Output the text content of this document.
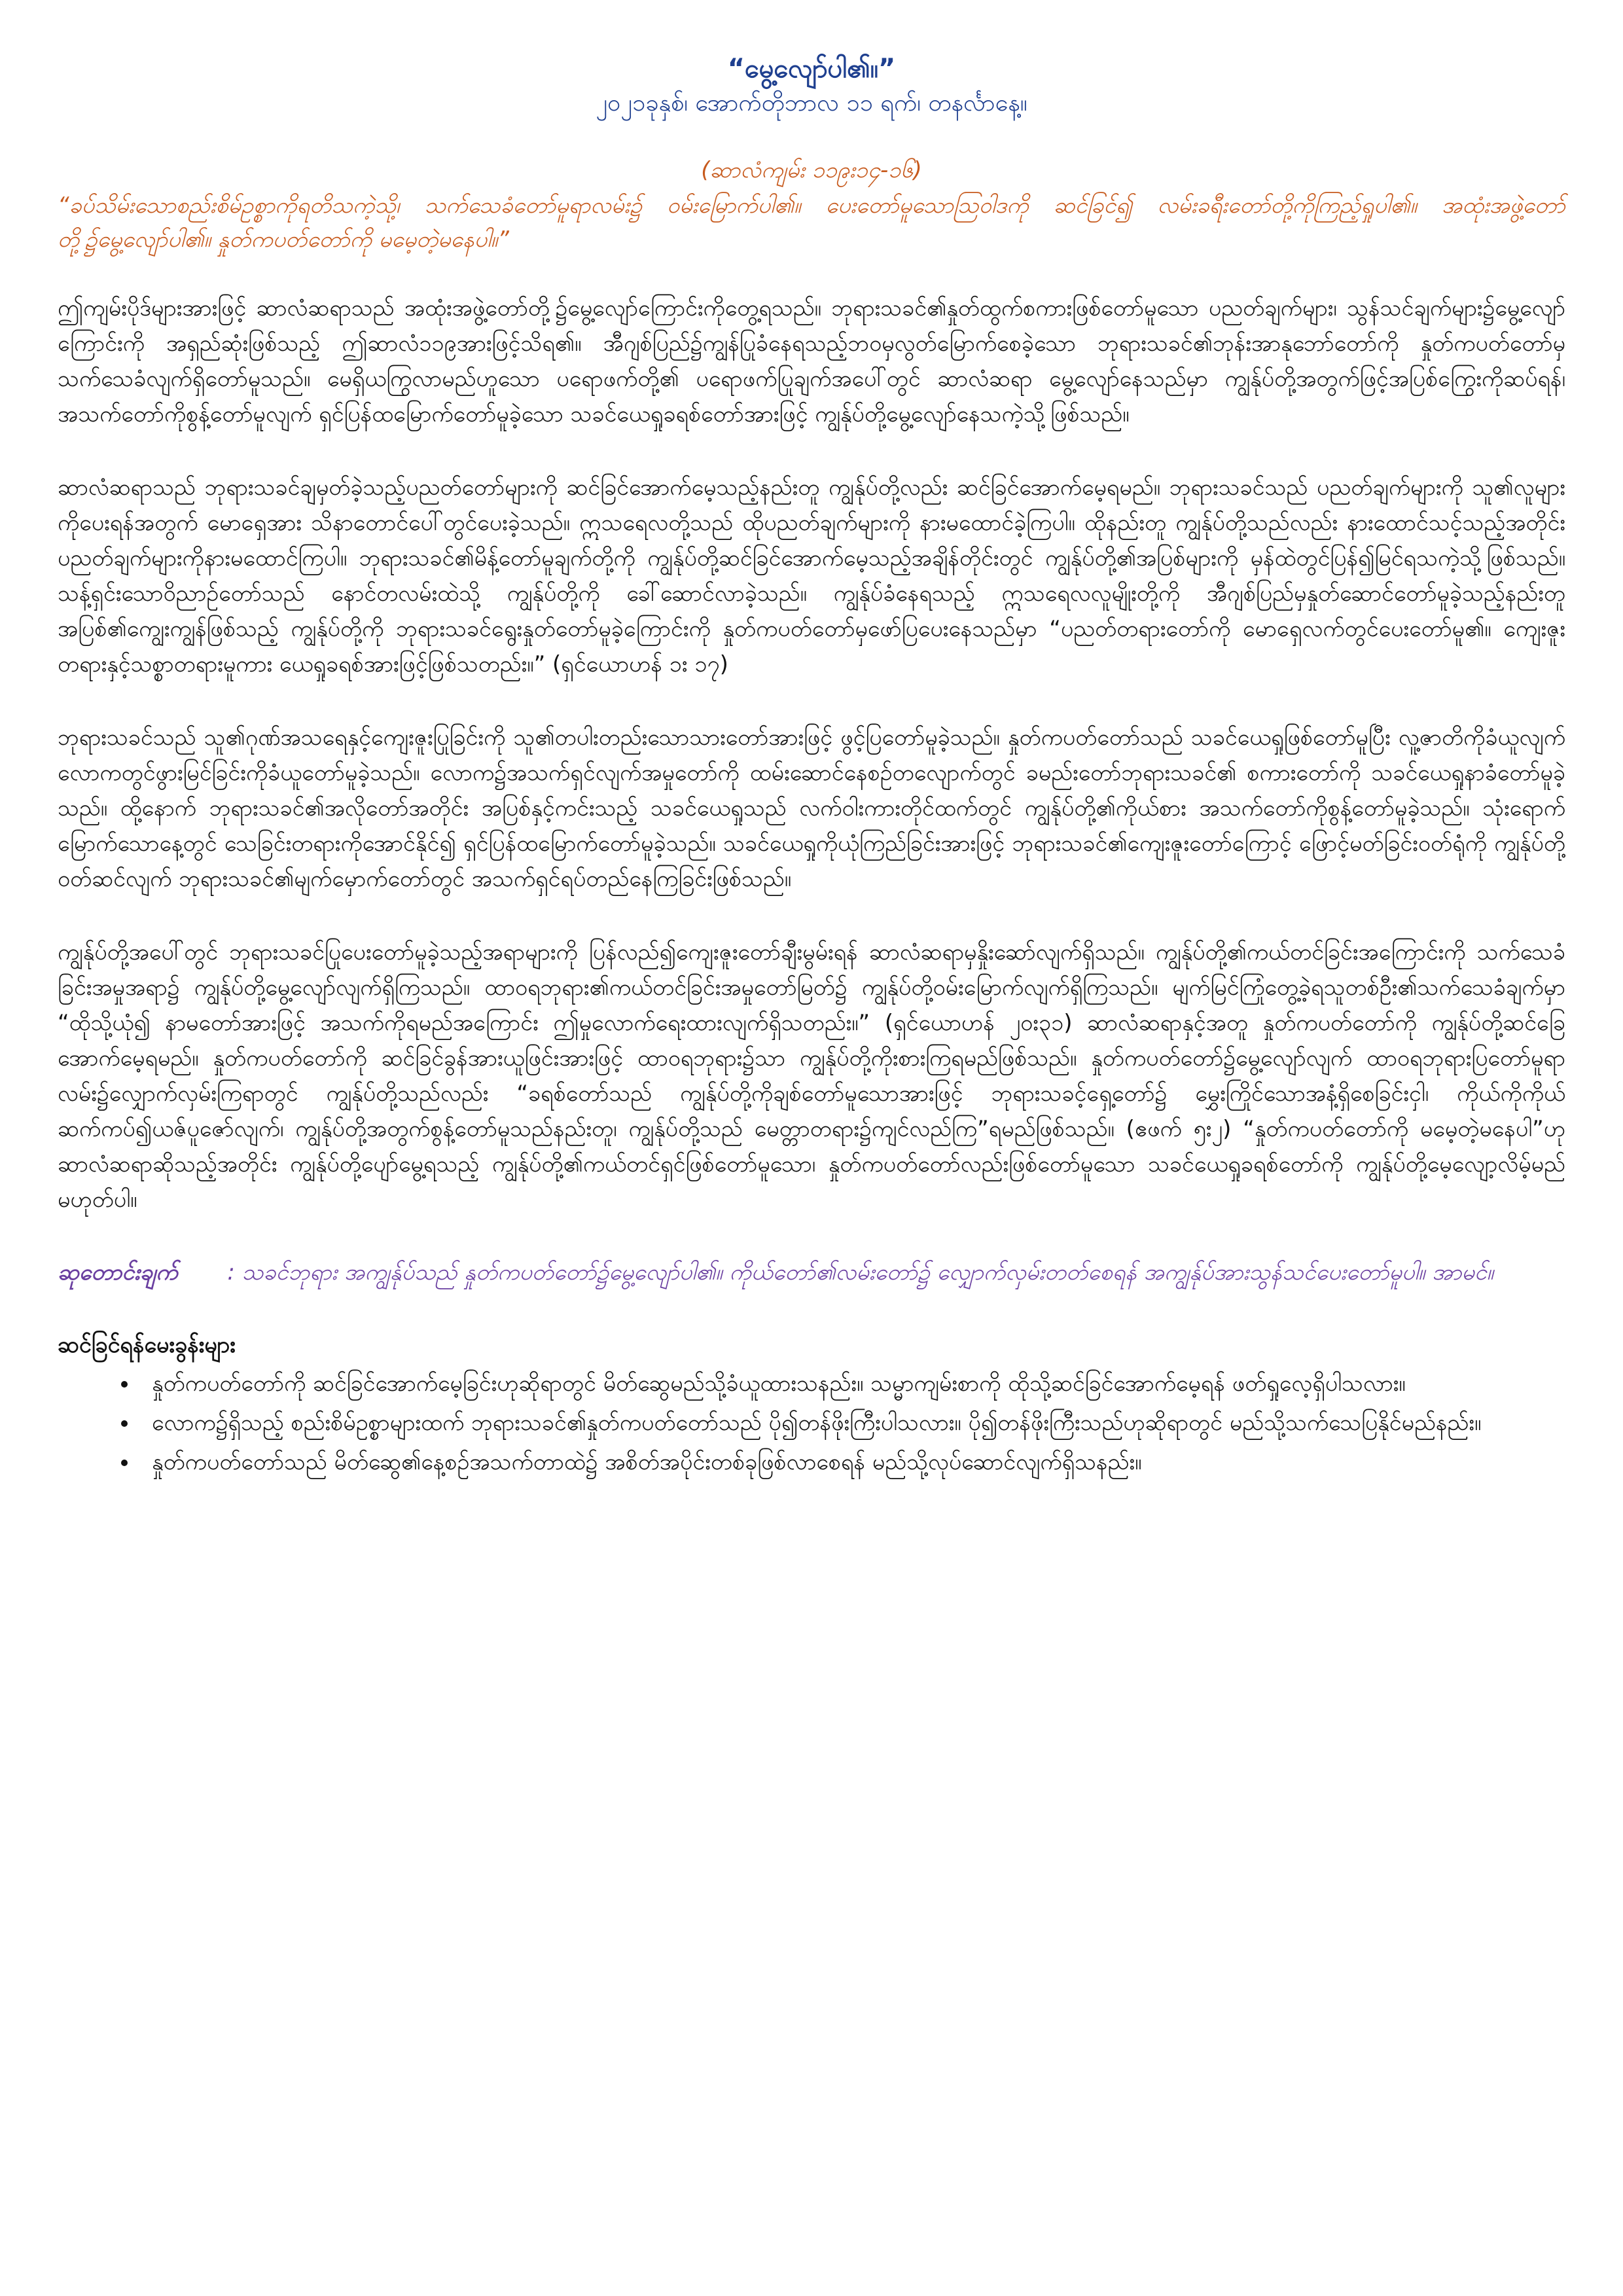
“မွေ့လျော်ပါ၏။”

၂၀၂၁ခုနှစ်၊ အောက်တိုဘာလ ၁၁ ရက်၊ တနင်္လာနေ့။

(ဆာလံကျမ်း ၁၁၉း၁၄-၁၆)

“ခပ်သိမ်းသောစည်းစိမ်ဥစ္စာကိုရတိသကဲ့သို့၊ သက်သေခံတော်မူရာလမ်း၌ ဝမ်းမြောက်ပါ၏။ ပေးတော်မူသောဩဝါဒကို ဆင်ခြင်၍ လမ်းခရီးတော်တို့ကိုကြည့်ရှုပါ၏။ အထုံးအဖွဲ့တော်တို့၌မွေ့လျော်ပါ၏။ နှုတ်ကပတ်တော်ကို မမေ့တဲ့မနေပါ။”

ဤကျမ်းပိုဒ်များအားဖြင့် ဆာလံဆရာသည် အထုံးအဖွဲ့တော်တို့၌မွေ့လျော်ကြောင်းကိုတွေ့ရသည်။ ဘုရားသခင်၏နှုတ်ထွက်စကားဖြစ်တော်မူသော ပညတ်ချက်များ၊ သွန်သင်ချက်များ၌မွေ့လျော်ကြောင်းကို အရှည်ဆုံးဖြစ်သည့် ဤဆာလံ၁၁၉အားဖြင့်သိရ၏။ အီဂျစ်ပြည်၌ကျွန်ပြုခံနေရသည့်ဘဝမှလွတ်မြောက်စေခဲ့သော ဘုရားသခင်၏ဘုန်းအာနုဘော်တော်ကို နှုတ်ကပတ်တော်မှသက်သေခံလျက်ရှိတော်မူသည်။ မေရှိယကြွလာမည်ဟူသော ပရောဖက်တို့၏ ပရောဖက်ပြုချက်အပေါ်တွင် ဆာလံဆရာ မွေ့လျော်နေသည်မှာ ကျွန်ုပ်တို့အတွက်ဖြင့်အပြစ်ကြွေးကိုဆပ်ရန်၊ အသက်တော်ကိုစွန့်တော်မူလျက် ရှင်ပြန်ထမြောက်တော်မူခဲ့သော သခင်ယေရှုခရစ်တော်အားဖြင့် ကျွန်ုပ်တို့မွေ့လျော်နေသကဲ့သို့ဖြစ်သည်။

ဆာလံဆရာသည် ဘုရားသခင်ချမှတ်ခဲ့သည့်ပညတ်တော်များကို ဆင်ခြင်အောက်မေ့သည့်နည်းတူ ကျွန်ုပ်တို့လည်း ဆင်ခြင်အောက်မေ့ရမည်။ ဘုရားသခင်သည် ပညတ်ချက်များကို သူ၏လူများကိုပေးရန်အတွက် မောရှေအား သိနာတောင်ပေါ်တွင်ပေးခဲ့သည်။ ဣသရေလတို့သည် ထိုပညတ်ချက်များကို နားမထောင်ခဲ့ကြပါ။ ထိုနည်းတူ ကျွန်ုပ်တို့သည်လည်း နားထောင်သင့်သည့်အတိုင်း ပညတ်ချက်များကိုနားမထောင်ကြပါ။ ဘုရားသခင်၏မိန့်တော်မူချက်တို့ကို ကျွန်ုပ်တို့ဆင်ခြင်အောက်မေ့သည့်အချိန်တိုင်းတွင် ကျွန်ုပ်တို့၏အပြစ်များကို မှန်ထဲတွင်ပြန်၍မြင်ရသကဲ့သို့ဖြစ်သည်။ သန့်ရှင်းသောဝိညာဉ်တော်သည် နောင်တလမ်းထဲသို့ ကျွန်ုပ်တို့ကို ခေါ်ဆောင်လာခဲ့သည်။ ကျွန်ုပ်ခံနေရသည့် ဣသရေလလူမျိုးတို့ကို အီဂျစ်ပြည်မှနှုတ်ဆောင်တော်မူခဲ့သည့်နည်းတူ အပြစ်၏ကျွေးကျွန်ဖြစ်သည့် ကျွန်ုပ်တို့ကို ဘုရားသခင်ရွေးနှုတ်တော်မူခဲ့ကြောင်းကို နှုတ်ကပတ်တော်မှဖော်ပြပေးနေသည်မှာ “ပညတ်တရားတော်ကို မောရှေလက်တွင်ပေးတော်မူ၏။ ကျေးဇူးတရားနှင့်သစ္စာတရားမူကား ယေရှုခရစ်အားဖြင့်ဖြစ်သတည်း။” (ရှင်ယောဟန် ၁း ၁၇)

ဘုရားသခင်သည် သူ၏ဂုဏ်အသရေနှင့်ကျေးဇူးပြုခြင်းကို သူ၏တပါးတည်းသောသားတော်အားဖြင့် ဖွင့်ပြတော်မူခဲ့သည်။ နှုတ်ကပတ်တော်သည် သခင်ယေရှုဖြစ်တော်မူပြီး လူ့ဇာတိကိုခံယူလျက် လောကတွင်ဖွားမြင်ခြင်းကိုခံယူတော်မူခဲ့သည်။ လောက၌အသက်ရှင်လျက်အမှုတော်ကို ထမ်းဆောင်နေစဉ်တလျောက်တွင် ခမည်းတော်ဘုရားသခင်၏ စကားတော်ကို သခင်ယေရှုနာခံတော်မူခဲ့သည်။ ထို့နောက် ဘုရားသခင်၏အလိုတော်အတိုင်း အပြစ်နှင့်ကင်းသည့် သခင်ယေရှုသည် လက်ဝါးကားတိုင်ထက်တွင် ကျွန်ုပ်တို့၏ကိုယ်စား အသက်တော်ကိုစွန့်တော်မူခဲ့သည်။ သုံးရောက်မြောက်သောနေ့တွင် သေခြင်းတရားကိုအောင်နိုင်၍ ရှင်ပြန်ထမြောက်တော်မူခဲ့သည်။ သခင်ယေရှုကိုယုံကြည်ခြင်းအားဖြင့် ဘုရားသခင်၏ကျေးဇူးတော်ကြောင့် ဖြောင့်မတ်ခြင်းဝတ်ရုံကို ကျွန်ုပ်တို့ဝတ်ဆင်လျက် ဘုရားသခင်၏မျက်မှောက်တော်တွင် အသက်ရှင်ရပ်တည်နေကြခြင်းဖြစ်သည်။

ကျွန်ုပ်တို့အပေါ်တွင် ဘုရားသခင်ပြုပေးတော်မူခဲ့သည့်အရာများကို ပြန်လည်၍ကျေးဇူးတော်ချီးမွမ်းရန် ဆာလံဆရာမှနှိုးဆော်လျက်ရှိသည်။ ကျွန်ုပ်တို့၏ကယ်တင်ခြင်းအကြောင်းကို သက်သေခံခြင်းအမှုအရာ၌ ကျွန်ုပ်တို့မွေ့လျော်လျက်ရှိကြသည်။ ထာဝရဘုရား၏ကယ်တင်ခြင်းအမှုတော်မြတ်၌ ကျွန်ုပ်တို့ဝမ်းမြောက်လျက်ရှိကြသည်။ မျက်မြင်ကြုံတွေ့ခဲ့ရသူတစ်ဦး၏သက်သေခံချက်မှာ “ထိုသို့ယုံ၍ နာမတော်အားဖြင့် အသက်ကိုရမည်အကြောင်း ဤမှုလောက်ရေးထားလျက်ရှိသတည်း။” (ရှင်ယောဟန် ၂၀း၃၁) ဆာလံဆရာနှင့်အတူ နှုတ်ကပတ်တော်ကို ကျွန်ုပ်တို့ဆင်ခြေအောက်မေ့ရမည်။ နှုတ်ကပတ်တော်ကို ဆင်ခြင်ခွန်အားယူဖြင်းအားဖြင့် ထာဝရဘုရား၌သာ ကျွန်ုပ်တို့ကိုးစားကြရမည်ဖြစ်သည်။ နှုတ်ကပတ်တော်၌မွေ့လျော်လျက် ထာဝရဘုရားပြတော်မူရာလမ်း၌လျှောက်လှမ်းကြရာတွင် ကျွန်ုပ်တို့သည်လည်း “ခရစ်တော်သည် ကျွန်ုပ်တို့ကိုချစ်တော်မူသောအားဖြင့် ဘုရားသခင့်ရှေ့တော်၌ မွှေးကြိုင်သောအနံ့ရှိစေခြင်းငှါ၊ ကိုယ်ကိုကိုယ်ဆက်ကပ်၍ယဇ်ပူဇော်လျက်၊ ကျွန်ုပ်တို့အတွက်စွန့်တော်မူသည်နည်းတူ၊ ကျွန်ုပ်တို့သည် မေတ္တာတရား၌ကျင်လည်ကြ”ရမည်ဖြစ်သည်။ (ဧဖက် ၅း၂) “နှုတ်ကပတ်တော်ကို မမေ့တဲ့မနေပါ”ဟု ဆာလံဆရာဆိုသည့်အတိုင်း ကျွန်ုပ်တို့ပျော်မွေ့ရသည့် ကျွန်ုပ်တို့၏ကယ်တင်ရှင်ဖြစ်တော်မူသော၊ နှုတ်ကပတ်တော်လည်းဖြစ်တော်မူသော သခင်ယေရှုခရစ်တော်ကို ကျွန်ုပ်တို့မေ့လျော့လိမ့်မည်မဟုတ်ပါ။

ဆုတောင်းချက် : သခင်ဘုရား အကျွန်ုပ်သည် နှုတ်ကပတ်တော်၌မွေ့လျော်ပါ၏။ ကိုယ်တော်၏လမ်းတော်၌ လျှောက်လှမ်းတတ်စေရန် အကျွန်ုပ်အားသွန်သင်ပေးတော်မူပါ။ အာမင်။

ဆင်ခြင်ရန်မေးခွန်းများ

• နှုတ်ကပတ်တော်ကို ဆင်ခြင်အောက်မေ့ခြင်းဟုဆိုရာတွင် မိတ်ဆွေမည်သို့ခံယူထားသနည်း။ သမ္မာကျမ်းစာကို ထိုသို့ဆင်ခြင်အောက်မေ့ရန် ဖတ်ရှုလေ့ရှိပါသလား။
• လောက၌ရှိသည့် စည်းစိမ်ဥစ္စာများထက် ဘုရားသခင်၏နှုတ်ကပတ်တော်သည် ပို၍တန်ဖိုးကြီးပါသလား။ ပို၍တန်ဖိုးကြီးသည်ဟုဆိုရာတွင် မည်သို့သက်သေပြနိုင်မည်နည်း။
• နှုတ်ကပတ်တော်သည် မိတ်ဆွေ၏နေ့စဉ်အသက်တာထဲ၌ အစိတ်အပိုင်းတစ်ခုဖြစ်လာစေရန် မည်သို့လုပ်ဆောင်လျက်ရှိသနည်း။
